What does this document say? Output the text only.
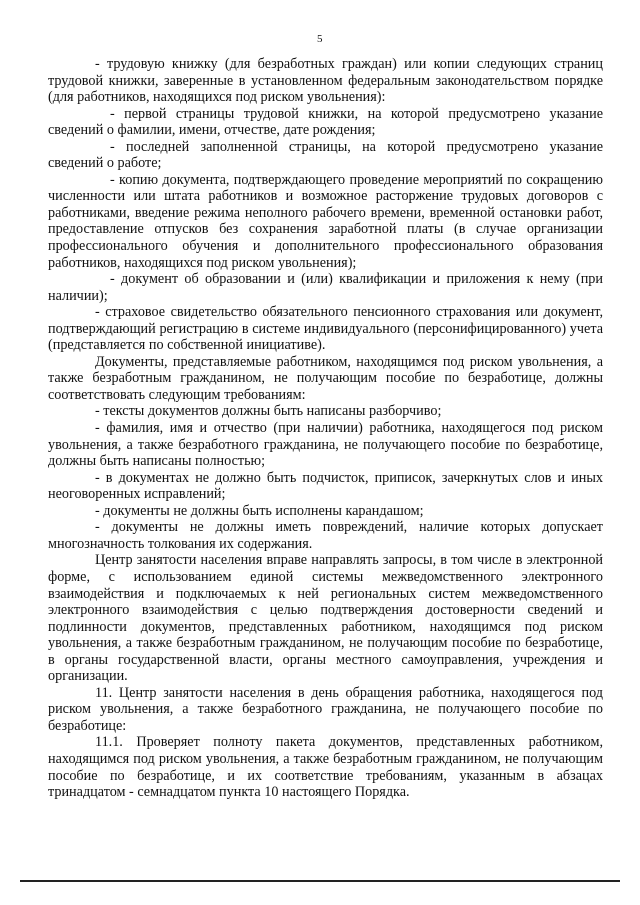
5

- трудовую книжку (для безработных граждан) или копии следующих страниц трудовой книжки, заверенные в установленном федеральным законодательством порядке (для работников, находящихся под риском увольнения):

- первой страницы трудовой книжки, на которой предусмотрено указание сведений о фамилии, имени, отчестве, дате рождения;

- последней заполненной страницы, на которой предусмотрено указание сведений о работе;

- копию документа, подтверждающего проведение мероприятий по сокращению численности или штата работников и возможное расторжение трудовых договоров с работниками, введение режима неполного рабочего времени, временной остановки работ, предоставление отпусков без сохранения заработной платы (в случае организации профессионального обучения и дополнительного профессионального образования работников, находящихся под риском увольнения);

- документ об образовании и (или) квалификации и приложения к нему (при наличии);

- страховое свидетельство обязательного пенсионного страхования или документ, подтверждающий регистрацию в системе индивидуального (персонифицированного) учета (представляется по собственной инициативе).

Документы, представляемые работником, находящимся под риском увольнения, а также безработным гражданином, не получающим пособие по безработице, должны соответствовать следующим требованиям:

- тексты документов должны быть написаны разборчиво;

- фамилия, имя и отчество (при наличии) работника, находящегося под риском увольнения, а также безработного гражданина, не получающего пособие по безработице, должны быть написаны полностью;

- в документах не должно быть подчисток, приписок, зачеркнутых слов и иных неоговоренных исправлений;

- документы не должны быть исполнены карандашом;

- документы не должны иметь повреждений, наличие которых допускает многозначность толкования их содержания.

Центр занятости населения вправе направлять запросы, в том числе в электронной форме, с использованием единой системы межведомственного электронного взаимодействия и подключаемых к ней региональных систем межведомственного электронного взаимодействия с целью подтверждения достоверности сведений и подлинности документов, представленных работником, находящимся под риском увольнения, а также безработным гражданином, не получающим пособие по безработице, в органы государственной власти, органы местного самоуправления, учреждения и организации.

11. Центр занятости населения в день обращения работника, находящегося под риском увольнения, а также безработного гражданина, не получающего пособие по безработице:

11.1. Проверяет полноту пакета документов, представленных работником, находящимся под риском увольнения, а также безработным гражданином, не получающим пособие по безработице, и их соответствие требованиям, указанным в абзацах тринадцатом - семнадцатом пункта 10 настоящего Порядка.
